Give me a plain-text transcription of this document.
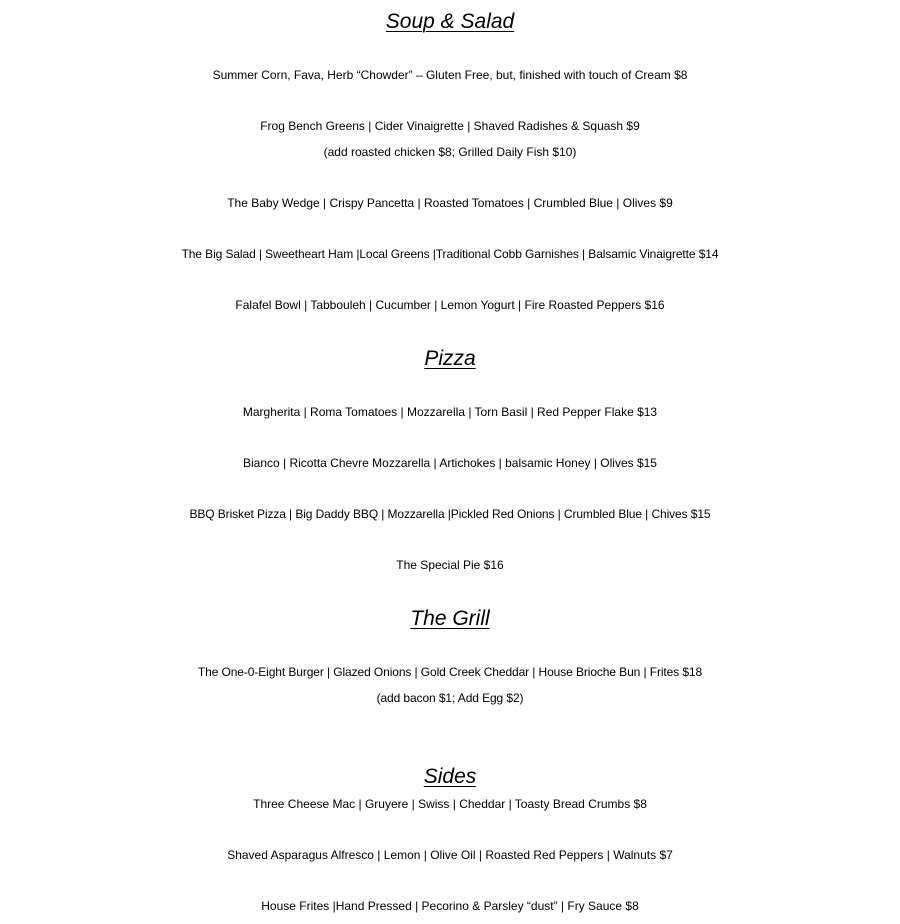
Soup & Salad
Summer Corn, Fava, Herb “Chowder” – Gluten Free, but, finished with touch of Cream $8
Frog Bench Greens | Cider Vinaigrette | Shaved Radishes & Squash $9
(add roasted chicken $8; Grilled Daily Fish $10)
The Baby Wedge | Crispy Pancetta | Roasted Tomatoes | Crumbled Blue | Olives $9
The Big Salad | Sweetheart Ham |Local Greens |Traditional Cobb Garnishes | Balsamic Vinaigrette $14
Falafel Bowl | Tabbouleh | Cucumber | Lemon Yogurt | Fire Roasted Peppers $16
Pizza
Margherita | Roma Tomatoes | Mozzarella | Torn Basil | Red Pepper Flake $13
Bianco | Ricotta Chevre Mozzarella | Artichokes | balsamic Honey | Olives $15
BBQ Brisket Pizza | Big Daddy BBQ | Mozzarella |Pickled Red Onions | Crumbled Blue | Chives $15
The Special Pie $16
The Grill
The One-0-Eight Burger | Glazed Onions | Gold Creek Cheddar | House Brioche Bun | Frites $18
(add bacon $1; Add Egg $2)
Sides
Three Cheese Mac | Gruyere | Swiss | Cheddar | Toasty Bread Crumbs $8
Shaved Asparagus Alfresco | Lemon | Olive Oil | Roasted Red Peppers | Walnuts $7
House Frites |Hand Pressed | Pecorino & Parsley “dust” | Fry Sauce $8
